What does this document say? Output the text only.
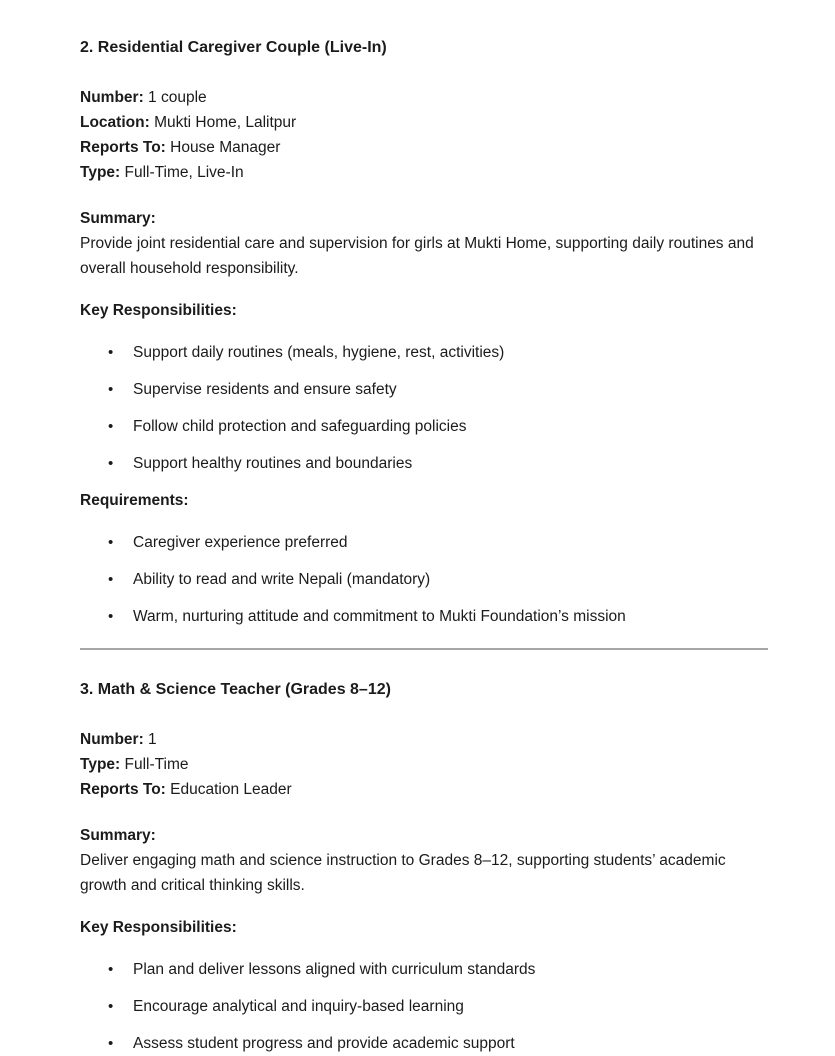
2. Residential Caregiver Couple (Live-In)
Number: 1 couple
Location: Mukti Home, Lalitpur
Reports To: House Manager
Type: Full-Time, Live-In
Summary:
Provide joint residential care and supervision for girls at Mukti Home, supporting daily routines and overall household responsibility.
Key Responsibilities:
• Support daily routines (meals, hygiene, rest, activities)
• Supervise residents and ensure safety
• Follow child protection and safeguarding policies
• Support healthy routines and boundaries
Requirements:
• Caregiver experience preferred
• Ability to read and write Nepali (mandatory)
• Warm, nurturing attitude and commitment to Mukti Foundation’s mission
3. Math & Science Teacher (Grades 8–12)
Number: 1
Type: Full-Time
Reports To: Education Leader
Summary:
Deliver engaging math and science instruction to Grades 8–12, supporting students’ academic growth and critical thinking skills.
Key Responsibilities:
• Plan and deliver lessons aligned with curriculum standards
• Encourage analytical and inquiry-based learning
• Assess student progress and provide academic support
